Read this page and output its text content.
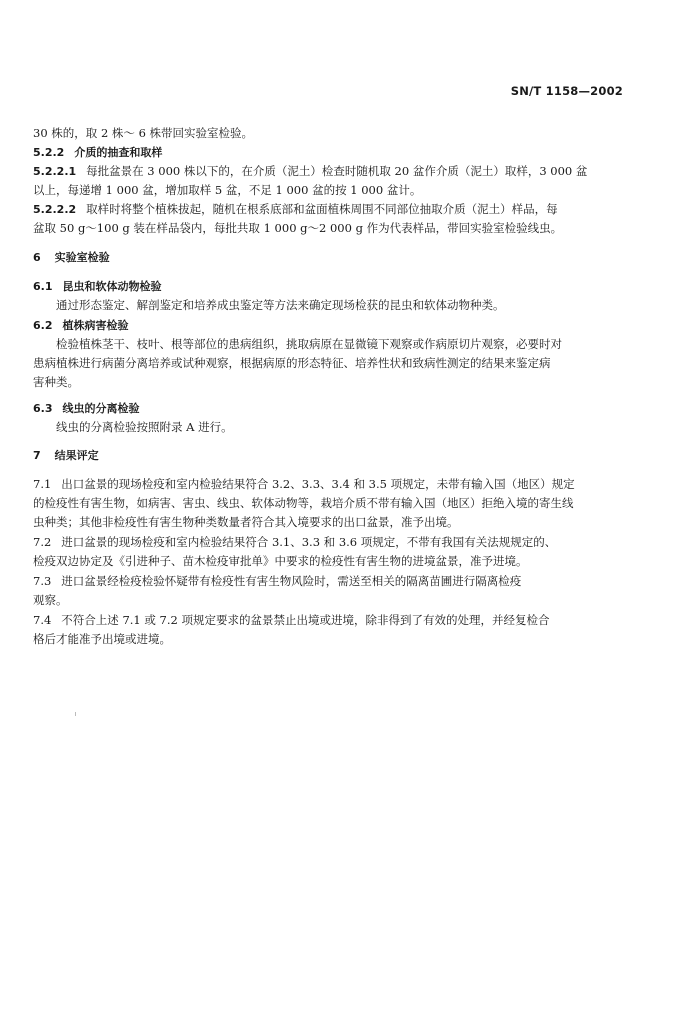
SN/T 1158—2002
30 株的，取 2 株～ 6 株带回实验室检验。
5.2.2 介质的抽查和取样
5.2.2.1 每批盆景在 3 000 株以下的，在介质（泥土）检查时随机取 20 盆作介质（泥土）取样，3 000 盆
以上，每递增 1 000 盆，增加取样 5 盆，不足 1 000 盆的按 1 000 盆计。
5.2.2.2 取样时将整个植株拔起，随机在根系底部和盆面植株周围不同部位抽取介质（泥土）样品，每
盆取 50 g～100 g 装在样品袋内，每批共取 1 000 g～2 000 g 作为代表样品，带回实验室检验线虫。
6 实验室检验
6.1 昆虫和软体动物检验
通过形态鉴定、解剖鉴定和培养成虫鉴定等方法来确定现场检获的昆虫和软体动物种类。
6.2 植株病害检验
检验植株茎干、枝叶、根等部位的患病组织，挑取病原在显微镜下观察或作病原切片观察，必要时对
患病植株进行病菌分离培养或试种观察，根据病原的形态特征、培养性状和致病性测定的结果来鉴定病
害种类。
6.3 线虫的分离检验
线虫的分离检验按照附录 A 进行。
7 结果评定
7.1 出口盆景的现场检疫和室内检验结果符合 3.2、3.3、3.4 和 3.5 项规定，未带有输入国（地区）规定
的检疫性有害生物，如病害、害虫、线虫、软体动物等，栽培介质不带有输入国（地区）拒绝入境的寄生线
虫种类；其他非检疫性有害生物种类数量者符合其入境要求的出口盆景，准予出境。
7.2 进口盆景的现场检疫和室内检验结果符合 3.1、3.3 和 3.6 项规定，不带有我国有关法规规定的、
检疫双边协定及《引进种子、苗木检疫审批单》中要求的检疫性有害生物的进境盆景，准予进境。
7.3 进口盆景经检疫检验怀疑带有检疫性有害生物风险时，需送至相关的隔离苗圃进行隔离检疫
观察。
7.4 不符合上述 7.1 或 7.2 项规定要求的盆景禁止出境或进境，除非得到了有效的处理，并经复检合
格后才能准予出境或进境。
